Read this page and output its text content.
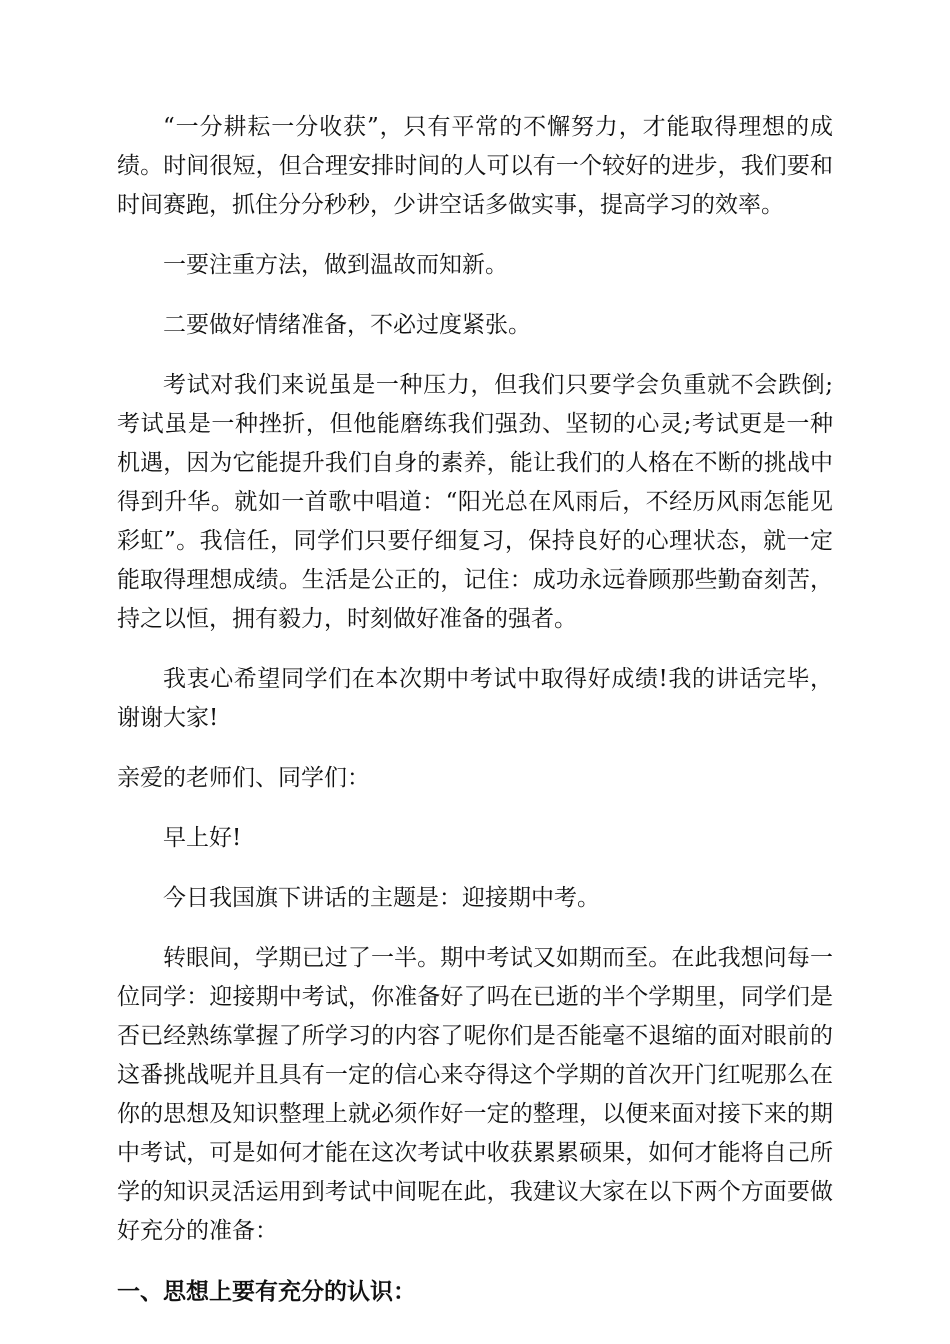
“一分耕耘一分收获”，只有平常的不懈努力，才能取得理想的成绩。时间很短，但合理安排时间的人可以有一个较好的进步，我们要和时间赛跑，抓住分分秒秒，少讲空话多做实事，提高学习的效率。

一要注重方法，做到温故而知新。

二要做好情绪准备，不必过度紧张。

考试对我们来说虽是一种压力，但我们只要学会负重就不会跌倒;考试虽是一种挫折，但他能磨练我们强劲、坚韧的心灵;考试更是一种机遇，因为它能提升我们自身的素养，能让我们的人格在不断的挑战中得到升华。就如一首歌中唱道：“阳光总在风雨后，不经历风雨怎能见彩虹”。我信任，同学们只要仔细复习，保持良好的心理状态，就一定能取得理想成绩。生活是公正的，记住：成功永远眷顾那些勤奋刻苦，持之以恒，拥有毅力，时刻做好准备的强者。

我衷心希望同学们在本次期中考试中取得好成绩!我的讲话完毕，谢谢大家!

亲爱的老师们、同学们：

早上好!

今日我国旗下讲话的主题是：迎接期中考。

转眼间，学期已过了一半。期中考试又如期而至。在此我想问每一位同学：迎接期中考试，你准备好了吗在已逝的半个学期里，同学们是否已经熟练掌握了所学习的内容了呢你们是否能毫不退缩的面对眼前的这番挑战呢并且具有一定的信心来夺得这个学期的首次开门红呢那么在你的思想及知识整理上就必须作好一定的整理，以便来面对接下来的期中考试，可是如何才能在这次考试中收获累累硕果，如何才能将自己所学的知识灵活运用到考试中间呢在此，我建议大家在以下两个方面要做好充分的准备：

一、思想上要有充分的认识：
